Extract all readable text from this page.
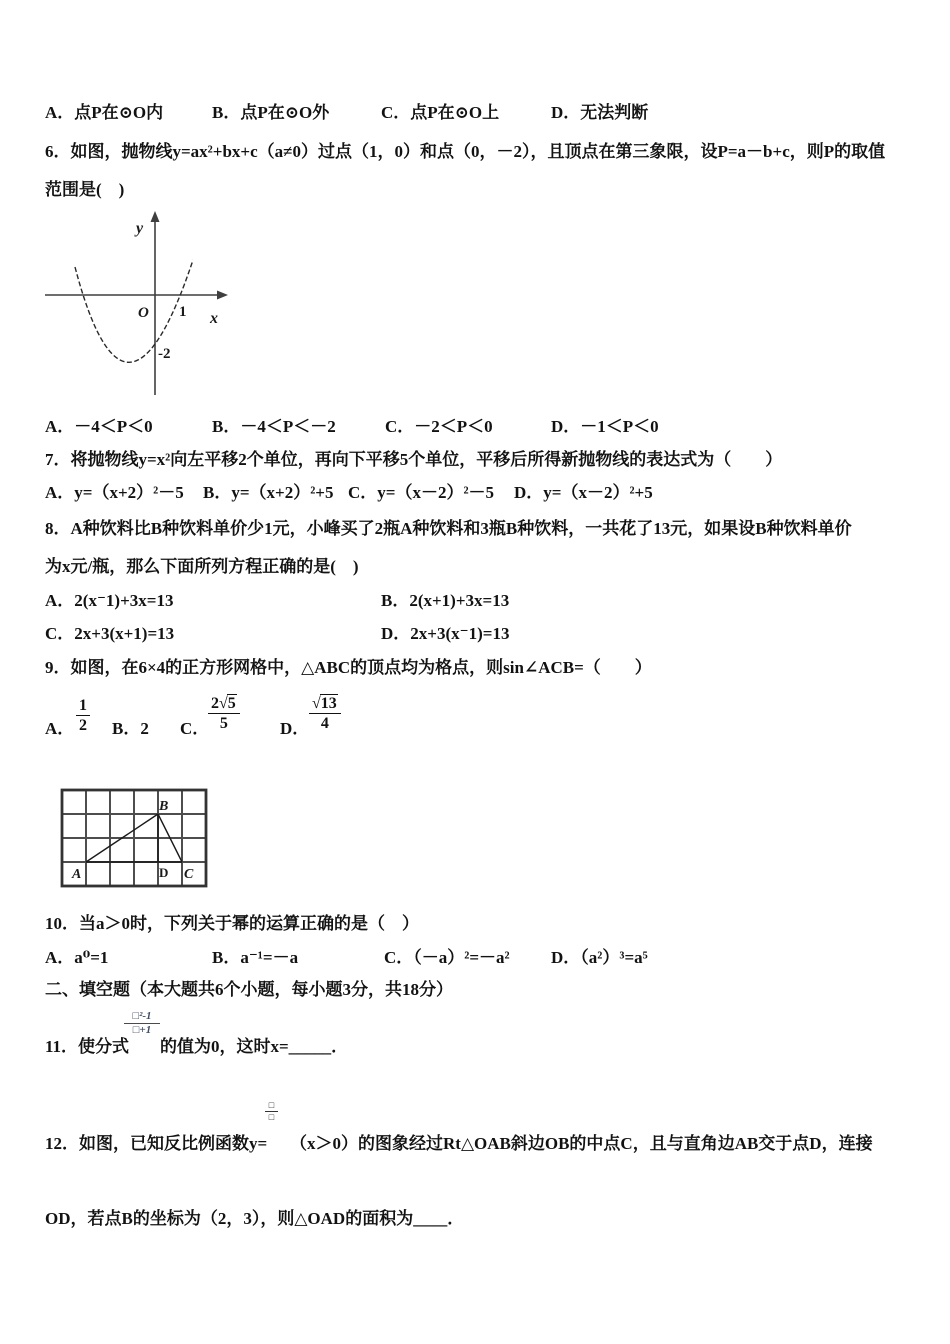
A．点P在⊙O内	B．点P在⊙O外	C．点P在⊙O上	D．无法判断
6．如图，抛物线y=ax²+bx+c（a≠0）过点（1，0）和点（0，－2），且顶点在第三象限，设P=a－b+c，则P的取值
范围是(　)
y
x
O 1
-2
A．－4＜P＜0	B．－4＜P＜－2	C．－2＜P＜0	D．－1＜P＜0
7．将抛物线y=x²向左平移2个单位，再向下平移5个单位，平移后所得新抛物线的表达式为（　　）
A．y=（x+2）²－5 B．y=（x+2）²+5 C．y=（x－2）²－5 D．y=（x－2）²+5
8．A种饮料比B种饮料单价少1元，小峰买了2瓶A种饮料和3瓶B种饮料，一共花了13元，如果设B种饮料单价
为x元/瓶，那么下面所列方程正确的是(　)
A．2(x⁻1)+3x=13	B．2(x+1)+3x=13
C．2x+3(x+1)=13	D．2x+3(x⁻1)=13
9．如图，在6×4的正方形网格中，△ABC的顶点均为格点，则sin∠ACB=（　　）
A． $\frac{1}{2}$ B．2 C．
$\frac{2√5}{5}$ D． $\frac{√13}{4}$
A
B
C
D
10．当a＞0时，下列关于幂的运算正确的是（　）
A．a⁰=1	B．a⁻¹=－a	C．（－a）²=－a² D．（a²）³=a⁵
二、填空题（本大题共6个小题，每小题3分，共18分）
$\frac{\text{□²-1}}{□+1}$
11．使分式 的值为0，这时x=_____．
□
□
12．如图，已知反比例函数y= （x＞0）的图象经过Rt△OAB斜边OB的中点C，且与直角边AB交于点D，连接
OD，若点B的坐标为（2，3），则△OAD的面积为____．
